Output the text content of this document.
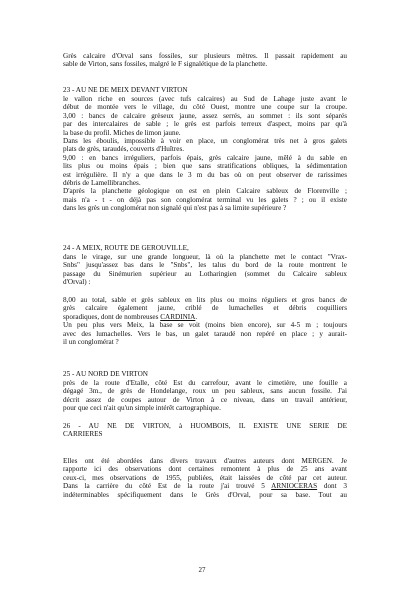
Grès calcaire d'Orval sans fossiles, sur plusieurs mètres. Il passait rapidement au
sable de Virton, sans fossiles, malgré le F signalétique de la planchette.
23 - AU NE DE MEIX DEVANT VIRTON
le vallon riche en sources (avec tufs calcaires) au Sud de Lahage juste avant le
début de montée vers le village, du côté Ouest, montre une coupe sur la croupe.
3,00 : bancs de calcaire grèseux jaune, assez serrés, au sommet : ils sont séparés
par des intercalaires de sable ; le grès est parfois terreux d'aspect, moins par qu'à
la base du profil. Miches de limon jaune.
Dans les éboulis, impossible à voir en place, un conglomérat très net à gros galets
plats de grès, taraudés, couverts d'Huîtres.
9,00 : en bancs irréguliers, parfois épais, grès calcaire jaune, mêlé à du sable en
lits plus ou moins épais ; bien que sans stratifications obliques, la sédimentation
est irrégulière. Il n'y a que dans le 3 m du bas où on peut observer de rarissimes
débris de Lamellibranches.
D'après la planchette géologique on est en plein Calcaire sableux de Florenville ;
mais n'a - t - on déjà pas son conglomérat terminal vu les galets ? ; ou il existe
dans les grès un conglomérat non signalé qui n'est pas à sa limite supérieure ?
24 - A MEIX, ROUTE DE GEROUVILLE,
dans le virage, sur une grande longueur, là où la planchette met le contact "Vrax-
Snbs" jusqu'assez bas dans le "Snbs", les talus du bord de la route montrent le
passage du Sinémurien supérieur au Lotharingien (sommet du Calcaire sableux
d'Orval) :
8,00 au total, sable et grès sableux en lits plus ou moins réguliers et gros bancs de
grès calcaire également jaune, criblé de lumachelles et débris coquilliers
sporadiques, dont de nombreuses CARDINIA.
Un peu plus vers Meix, la base se voit (moins bien encore), sur 4-5 m ; toujours
avec des lumachelles. Vers le bas, un galet taraudé non repéré en place ; y aurait-
il un conglomérat ?
25 - AU NORD DE VIRTON
près de la route d'Etalle, côté Est du carrefour, avant le cimetière, une fouille a
dégagé 3m., de grès de Hondelange, roux un peu sableux, sans aucun fossile. J'ai
décrit assez de coupes autour de Virton à ce niveau, dans un travail antérieur,
pour que ceci n'ait qu'un simple intérêt cartographique.
26 - AU NE DE VIRTON, à HUOMBOIS, IL EXISTE UNE SERIE DE
CARRIERES
Elles ont été abordées dans divers travaux d'autres auteurs dont MERGEN. Je
rapporte ici des observations dont certaines remontent à plus de 25 ans avant
ceux-ci, mes observations de 1955, publiées, était laissées de côté par cet auteur.
Dans la carrière du côté Est de la route j'ai trouvé 5 ARNIOCERAS dont 3
indéterminables spécifiquement dans le Grès d'Orval, pour sa base. Tout au
27
